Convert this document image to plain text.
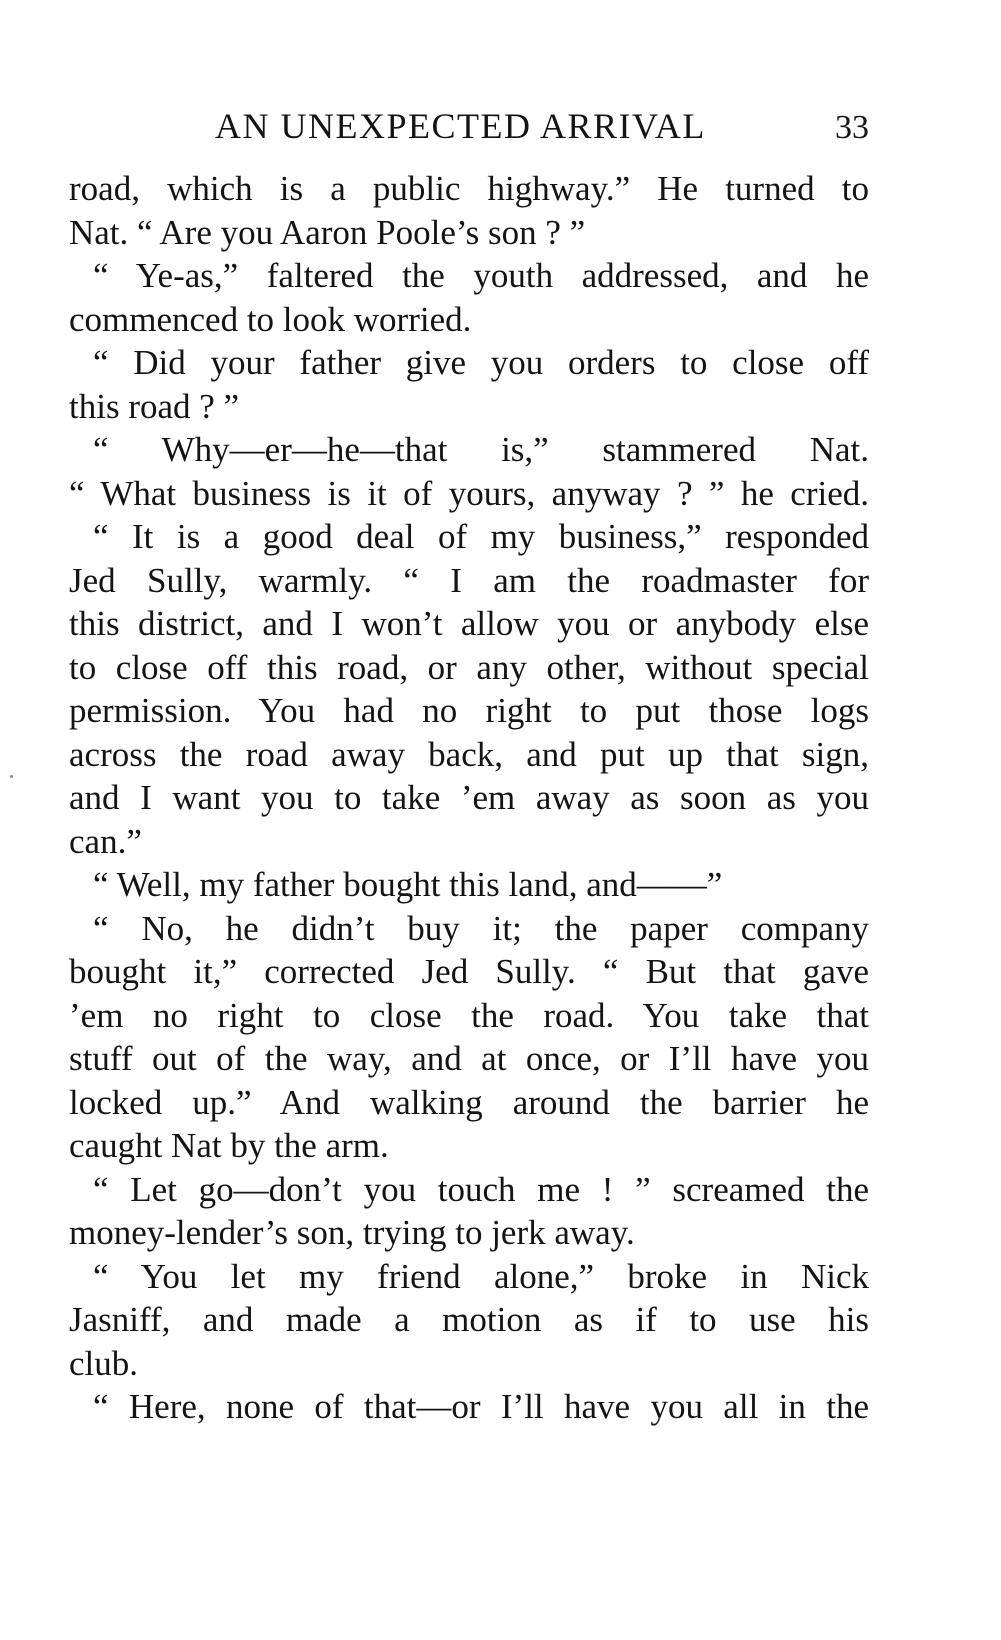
AN UNEXPECTED ARRIVAL	33
road, which is a public highway.” He turned to
Nat. “ Are you Aaron Poole’s son ? ”
“ Ye-as,” faltered the youth addressed, and he
commenced to look worried.
“ Did your father give you orders to close off
this road ? ”
“ Why—er—he—that is,” stammered Nat.
“ What business is it of yours, anyway ? ” he cried.
“ It is a good deal of my business,” responded
Jed Sully, warmly. “ I am the roadmaster for
this district, and I won’t allow you or anybody else
to close off this road, or any other, without special
permission. You had no right to put those logs
across the road away back, and put up that sign,
and I want you to take ’em away as soon as you
can.”
“ Well, my father bought this land, and——”
“ No, he didn’t buy it; the paper company
bought it,” corrected Jed Sully. “ But that gave
’em no right to close the road. You take that
stuff out of the way, and at once, or I’ll have you
locked up.” And walking around the barrier he
caught Nat by the arm.
“ Let go—don’t you touch me ! ” screamed the
money-lender’s son, trying to jerk away.
“ You let my friend alone,” broke in Nick
Jasniff, and made a motion as if to use his
club.
“ Here, none of that—or I’ll have you all in the
